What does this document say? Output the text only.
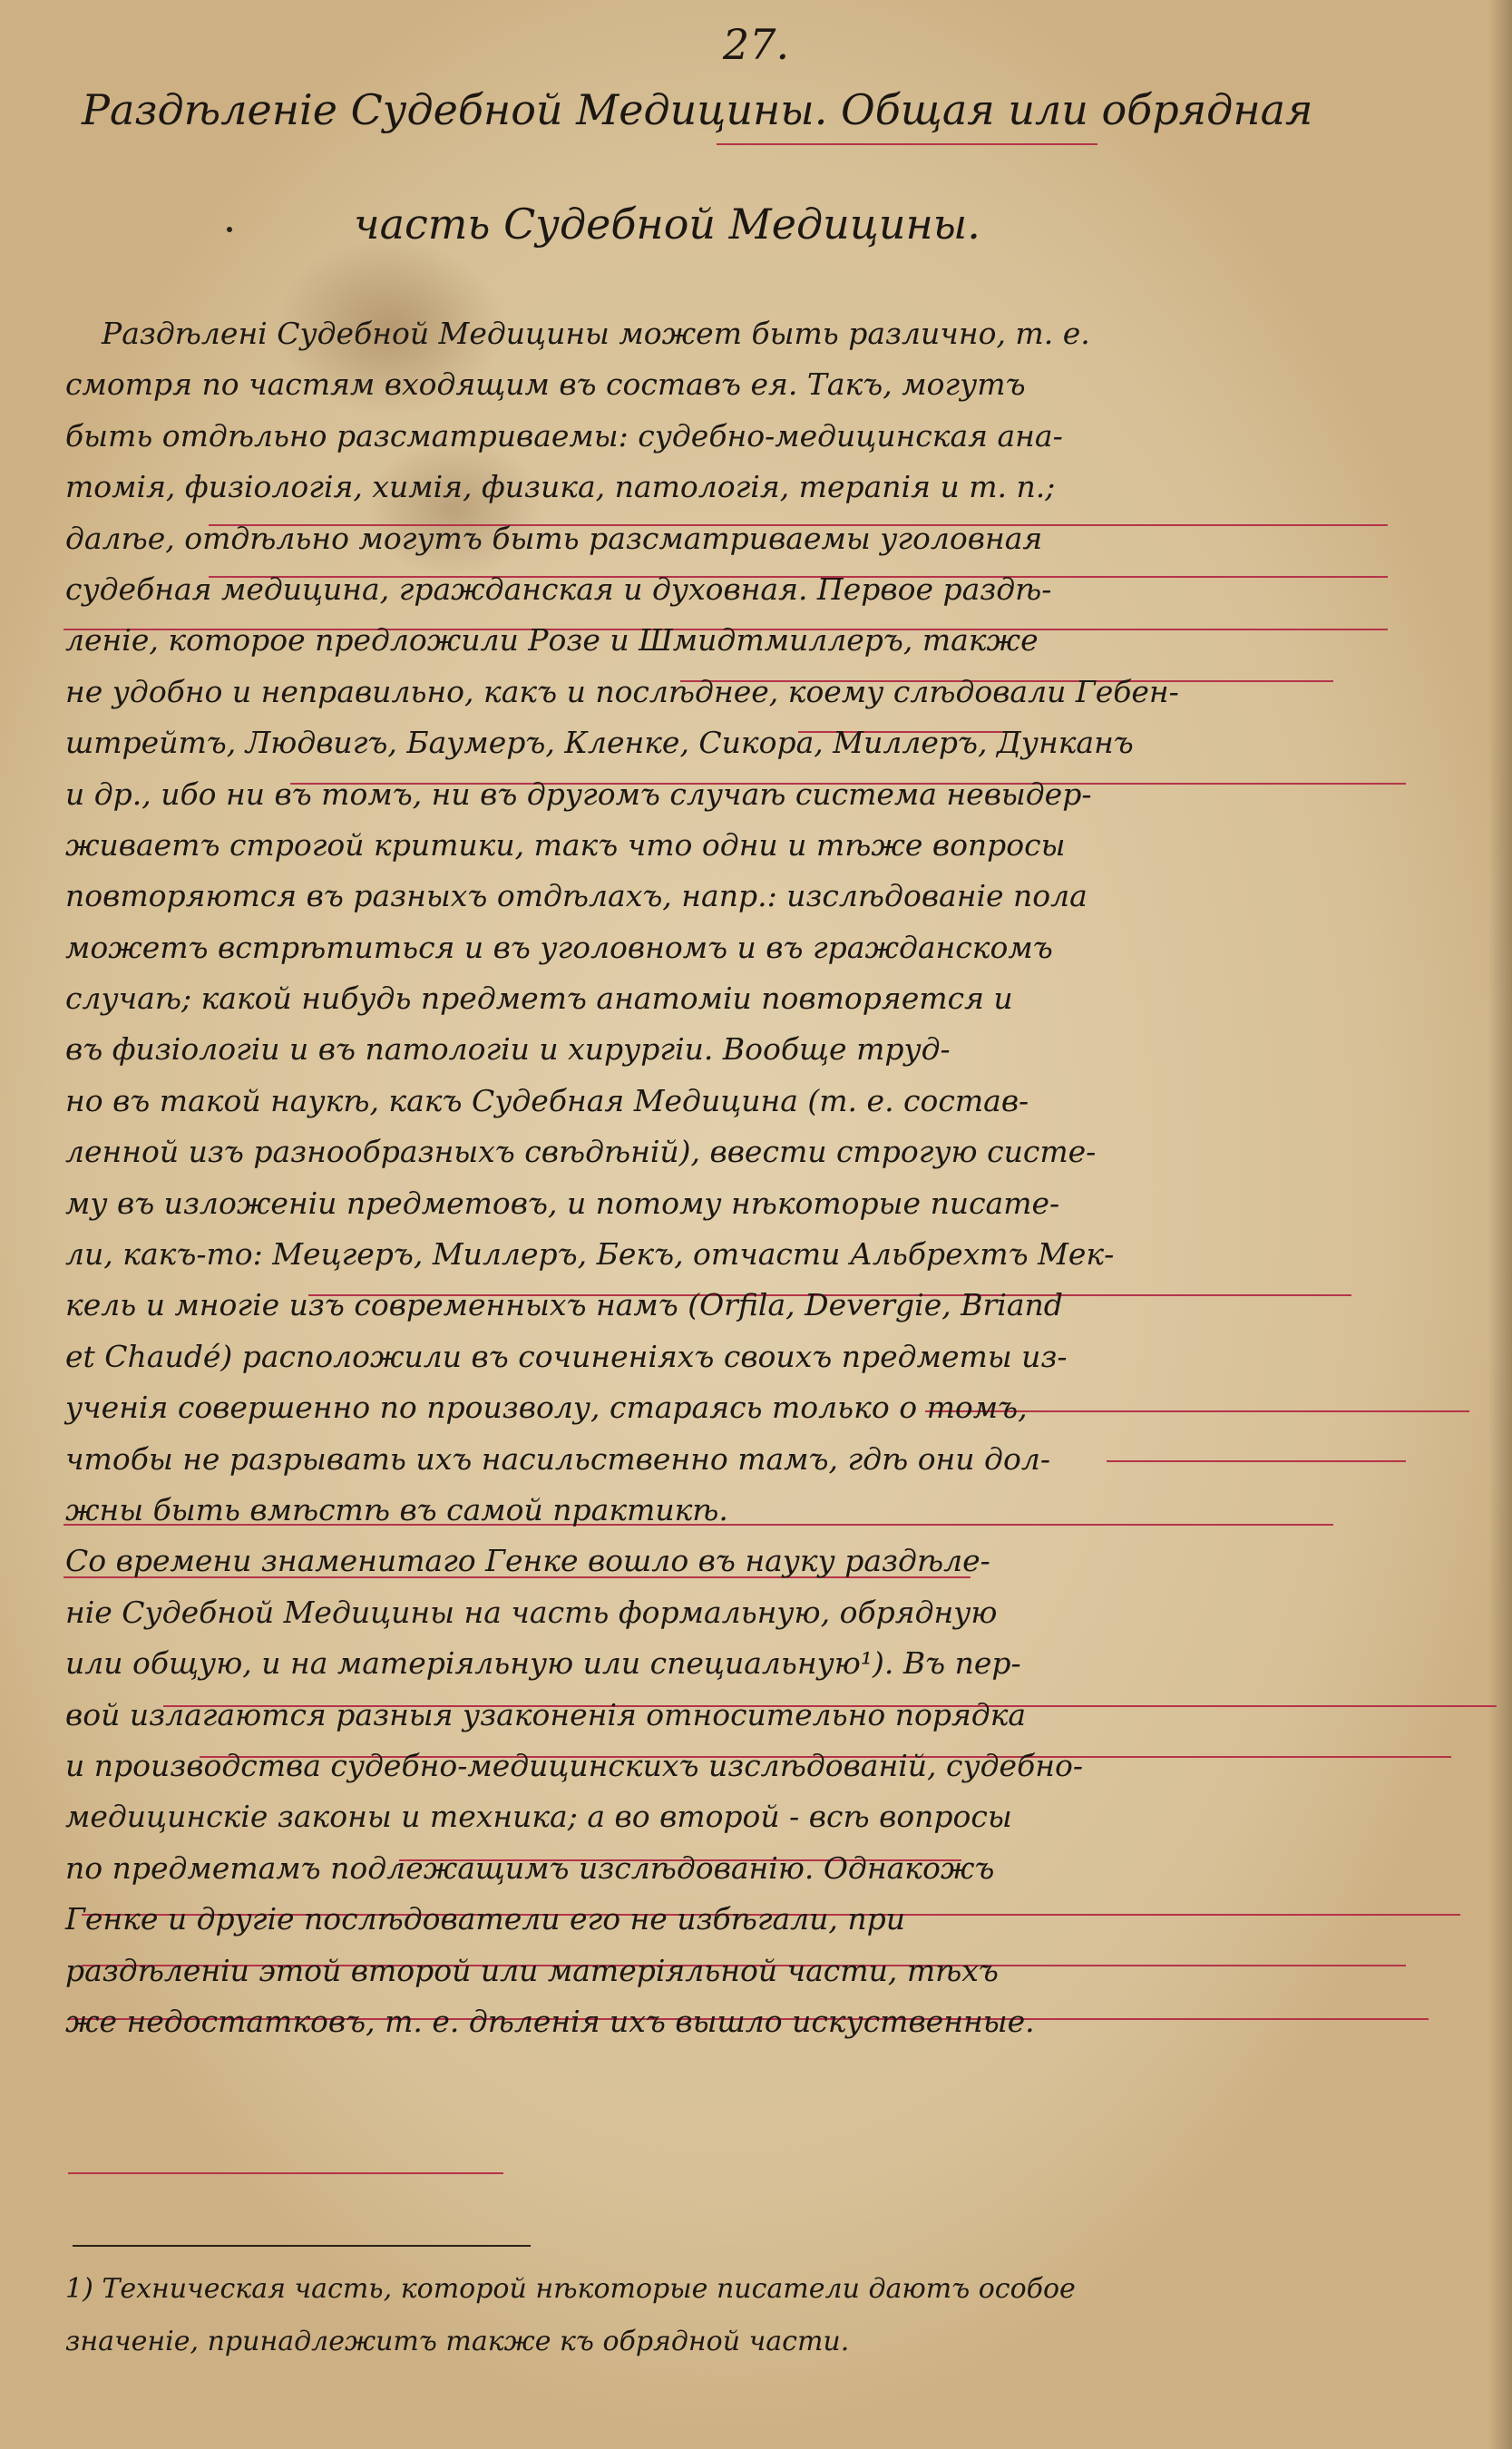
27.
Раздѣленіе Судебной Медицины. Общая или обрядная
часть Судебной Медицины.
Раздѣлені Судебной Медицины может быть различно, т. е.
смотря по частям входящим въ составъ ея. Такъ, могутъ
быть отдѣльно разсматриваемы: судебно-медицинская ана-
томія, физіологія, химія, физика, патологія, терапія и т. п.;
далѣе, отдѣльно могутъ быть разсматриваемы уголовная
судебная медицина, гражданская и духовная. Первое раздѣ-
леніе, которое предложили Розе и Шмидтмиллеръ, также
не удобно и неправильно, какъ и послѣднее, коему слѣдовали Гебен-
штрейтъ, Людвигъ, Баумеръ, Кленке, Сикора, Миллеръ, Дунканъ
и др., ибо ни въ томъ, ни въ другомъ случаѣ система невыдер-
живаетъ строгой критики, такъ что одни и тѣже вопросы
повторяются въ разныхъ отдѣлахъ, напр.: изслѣдованіе пола
можетъ встрѣтиться и въ уголовномъ и въ гражданскомъ
случаѣ; какой нибудь предметъ анатоміи повторяется и
въ физіологіи и въ патологіи и хирургіи. Вообще труд-
но въ такой наукѣ, какъ Судебная Медицина (т. е. состав-
ленной изъ разнообразныхъ свѣдѣній), ввести строгую систе-
му въ изложеніи предметовъ, и потому нѣкоторые писате-
ли, какъ-то: Мецгеръ, Миллеръ, Бекъ, отчасти Альбрехтъ Мек-
кель и многіе изъ современныхъ намъ (Orfila, Devergie, Briand
et Chaudé) расположили въ сочиненіяхъ своихъ предметы из-
ученія совершенно по произволу, стараясь только о томъ,
чтобы не разрывать ихъ насильственно тамъ, гдѣ они дол-
жны быть вмѣстѣ въ самой практикѣ.
Со времени знаменитаго Генке вошло въ науку раздѣле-
ніе Судебной Медицины на часть формальную, обрядную
или общую, и на матеріяльную или специальную¹). Въ пер-
вой излагаются разныя узаконенія относительно порядка
и производства судебно-медицинскихъ изслѣдованій, судебно-
медицинскіе законы и техника; а во второй - всѣ вопросы
по предметамъ подлежащимъ изслѣдованію. Однакожъ
Генке и другіе послѣдователи его не избѣгали, при
раздѣленіи этой второй или матеріяльной части, тѣхъ
же недостатковъ, т. е. дѣленія ихъ вышло искуственные.
1) Техническая часть, которой нѣкоторые писатели даютъ особое
значеніе, принадлежитъ также къ обрядной части.
